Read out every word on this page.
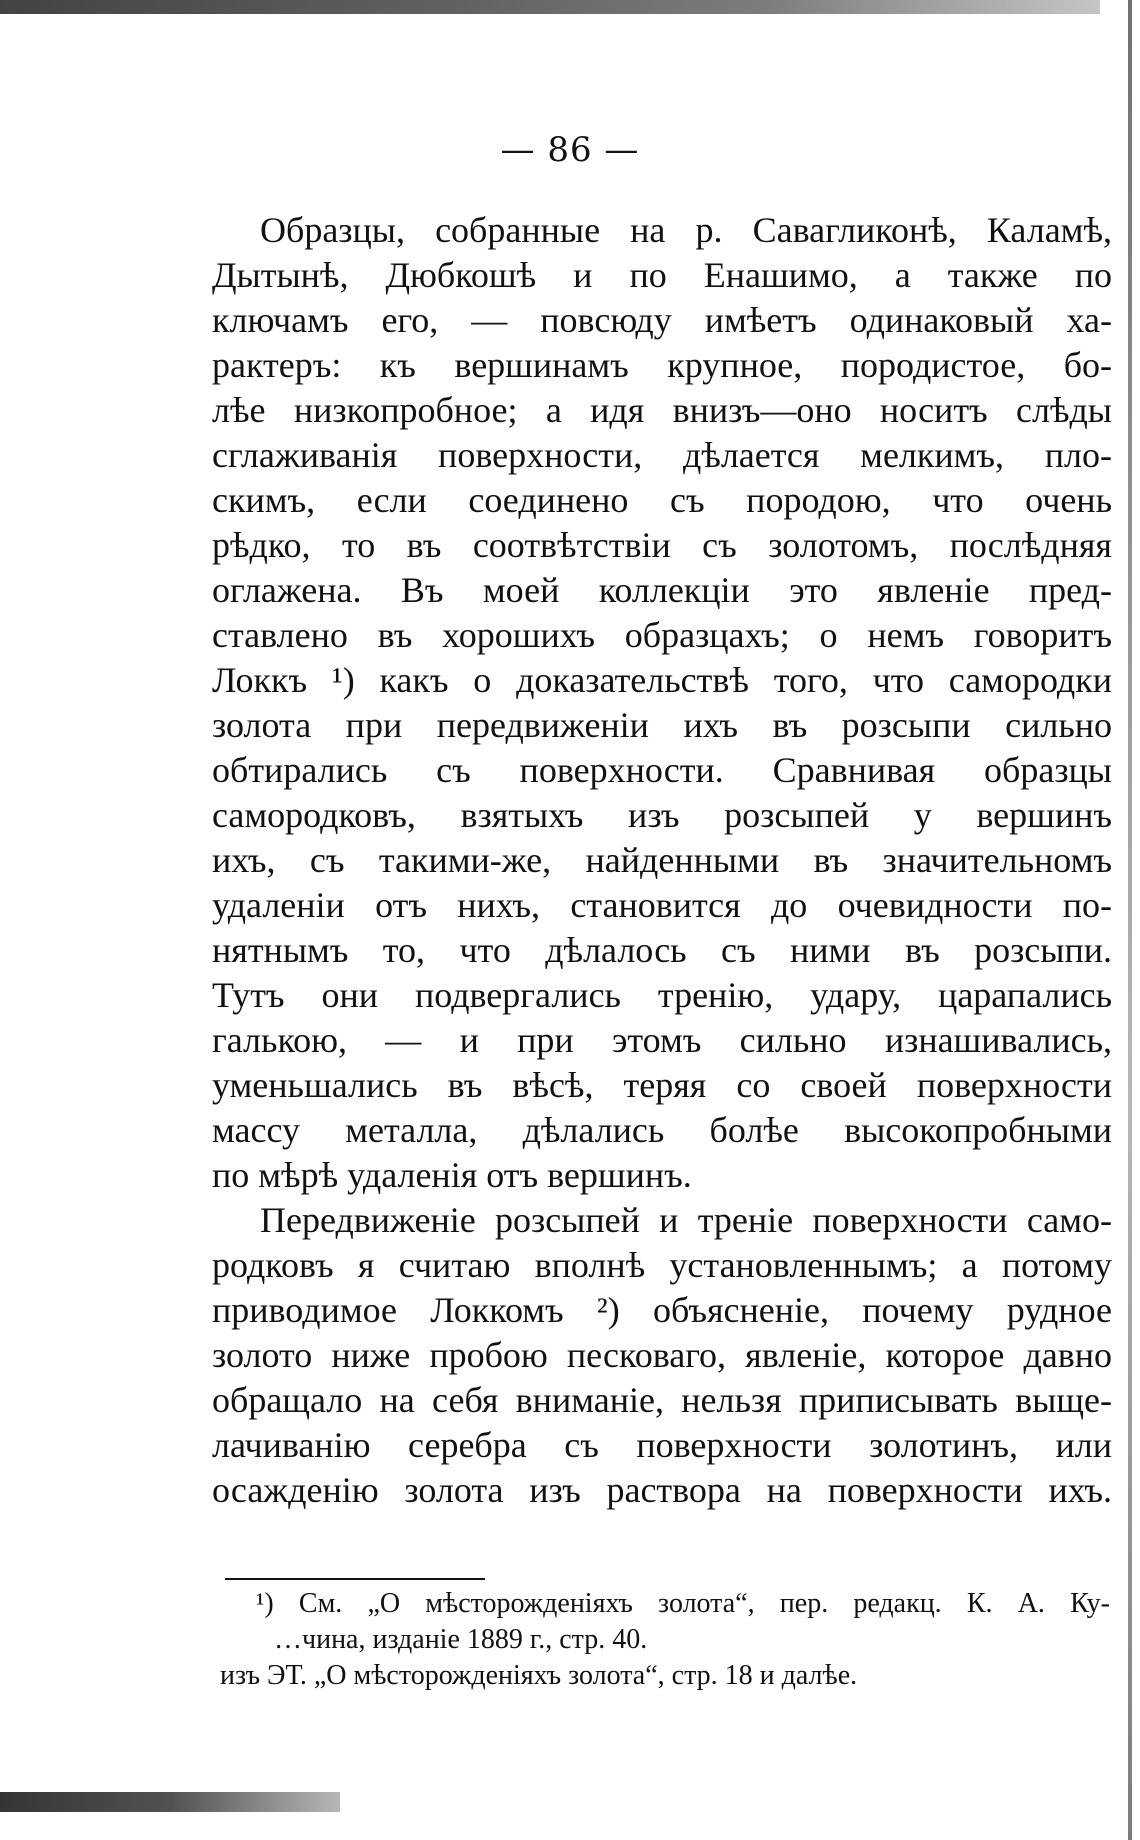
— 86 —
Образцы, собранные на р. Савагликонѣ, Каламѣ,
Дытынѣ, Дюбкошѣ и по Енашимо, а также по
ключамъ его, — повсюду имѣетъ одинаковый ха-
рактеръ: къ вершинамъ крупное, породистое, бо-
лѣе низкопробное; а идя внизъ—оно носитъ слѣды
сглаживанія поверхности, дѣлается мелкимъ, пло-
скимъ, если соединено съ породою, что очень
рѣдко, то въ соотвѣтствіи съ золотомъ, послѣдняя
оглажена. Въ моей коллекціи это явленіе пред-
ставлено въ хорошихъ образцахъ; о немъ говоритъ
Локкъ ¹) какъ о доказательствѣ того, что самородки
золота при передвиженіи ихъ въ розсыпи сильно
обтирались съ поверхности. Сравнивая образцы
самородковъ, взятыхъ изъ розсыпей у вершинъ
ихъ, съ такими-же, найденными въ значительномъ
удаленіи отъ нихъ, становится до очевидности по-
нятнымъ то, что дѣлалось съ ними въ розсыпи.
Тутъ они подвергались тренію, удару, царапались
галькою, — и при этомъ сильно изнашивались,
уменьшались въ вѣсѣ, теряя со своей поверхности
массу металла, дѣлались болѣе высокопробными
по мѣрѣ удаленія отъ вершинъ.
Передвиженіе розсыпей и треніе поверхности само-
родковъ я считаю вполнѣ установленнымъ; а потому
приводимое Локкомъ ²) объясненіе, почему рудное
золото ниже пробою песковаго, явленіе, которое давно
обращало на себя вниманіе, нельзя приписывать выще-
лачиванію серебра съ поверхности золотинъ, или
осажденію золота изъ раствора на поверхности ихъ.
¹) См. „О мѣсторожденіяхъ золота“, пер. редакц. К. А. Ку-
…чина, изданіе 1889 г., стр. 40.
изъ ЭТ. „О мѣсторожденіяхъ золота“, стр. 18 и далѣе.
